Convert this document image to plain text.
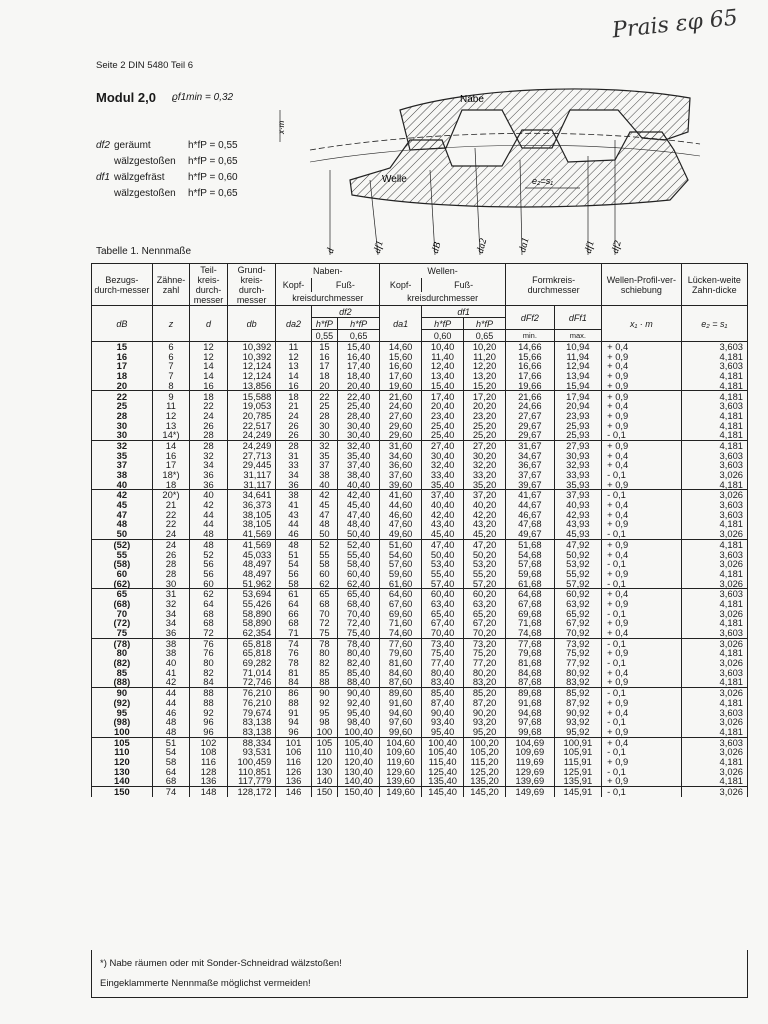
Prais εφ 65
Seite 2 DIN 5480 Teil 6
Modul 2,0 ϱf1min = 0,32
df2 geräumt	h*fP = 0,55
wälzgestoßen h*fP = 0,65
df1 wälzgefräst h*fP = 0,60
wälzgestoßen h*fP = 0,65
Nabe
Welle	e₂=s₁
x·m
d	df1	dB	da2	da1	df1 df2
Tabelle 1. Nennmaße
Bezugs-durch-messer	Zähne-zahl	Teil-kreis-durch-messer	Grund-kreis-durch-messer	Naben-			Wellen-			Formkreis-durchmesser		Wellen-Profil-ver-schiebung	Lücken-weite Zahn-dicke
				Kopf-	Fuß-		Kopf-	Fuß-					
				kreisdurchmesser			kreisdurchmesser						
dB	z	d	db	da2	df2		da1	df1		dFf2	dFf1	x₁ · m	e₂ = s₁
					h*fP	h*fP		h*fP	h*fP				
					0,55	0,65		0,60	0,65	min.	max.		
15	6	12	10,392	11	15	15,40	14,60	10,40	10,20	14,66	10,94	+ 0,4	3,603
16	6	12	10,392	12	16	16,40	15,60	11,40	11,20	15,66	11,94	+ 0,9	4,181
17	7	14	12,124	13	17	17,40	16,60	12,40	12,20	16,66	12,94	+ 0,4	3,603
18	7	14	12,124	14	18	18,40	17,60	13,40	13,20	17,66	13,94	+ 0,9	4,181
20	8	16	13,856	16	20	20,40	19,60	15,40	15,20	19,66	15,94	+ 0,9	4,181
22	9	18	15,588	18	22	22,40	21,60	17,40	17,20	21,66	17,94	+ 0,9	4,181
25	11	22	19,053	21	25	25,40	24,60	20,40	20,20	24,66	20,94	+ 0,4	3,603
28	12	24	20,785	24	28	28,40	27,60	23,40	23,20	27,67	23,93	+ 0,9	4,181
30	13	26	22,517	26	30	30,40	29,60	25,40	25,20	29,67	25,93	+ 0,9	4,181
30	14*)	28	24,249	26	30	30,40	29,60	25,40	25,20	29,67	25,93	- 0,1	4,181
32	14	28	24,249	28	32	32,40	31,60	27,40	27,20	31,67	27,93	+ 0,9	4,181
35	16	32	27,713	31	35	35,40	34,60	30,40	30,20	34,67	30,93	+ 0,4	3,603
37	17	34	29,445	33	37	37,40	36,60	32,40	32,20	36,67	32,93	+ 0,4	3,603
38	18*)	36	31,117	34	38	38,40	37,60	33,40	33,20	37,67	33,93	- 0,1	3,026
40	18	36	31,117	36	40	40,40	39,60	35,40	35,20	39,67	35,93	+ 0,9	4,181
42	20*)	40	34,641	38	42	42,40	41,60	37,40	37,20	41,67	37,93	- 0,1	3,026
45	21	42	36,373	41	45	45,40	44,60	40,40	40,20	44,67	40,93	+ 0,4	3,603
47	22	44	38,105	43	47	47,40	46,60	42,40	42,20	46,67	42,93	+ 0,4	3,603
48	22	44	38,105	44	48	48,40	47,60	43,40	43,20	47,68	43,93	+ 0,9	4,181
50	24	48	41,569	46	50	50,40	49,60	45,40	45,20	49,67	45,93	- 0,1	3,026
(52)	24	48	41,569	48	52	52,40	51,60	47,40	47,20	51,68	47,92	+ 0,9	4,181
55	26	52	45,033	51	55	55,40	54,60	50,40	50,20	54,68	50,92	+ 0,4	3,603
(58)	28	56	48,497	54	58	58,40	57,60	53,40	53,20	57,68	53,92	- 0,1	3,026
60	28	56	48,497	56	60	60,40	59,60	55,40	55,20	59,68	55,92	+ 0,9	4,181
(62)	30	60	51,962	58	62	62,40	61,60	57,40	57,20	61,68	57,92	- 0,1	3,026
65	31	62	53,694	61	65	65,40	64,60	60,40	60,20	64,68	60,92	+ 0,4	3,603
(68)	32	64	55,426	64	68	68,40	67,60	63,40	63,20	67,68	63,92	+ 0,9	4,181
70	34	68	58,890	66	70	70,40	69,60	65,40	65,20	69,68	65,92	- 0,1	3,026
(72)	34	68	58,890	68	72	72,40	71,60	67,40	67,20	71,68	67,92	+ 0,9	4,181
75	36	72	62,354	71	75	75,40	74,60	70,40	70,20	74,68	70,92	+ 0,4	3,603
(78)	38	76	65,818	74	78	78,40	77,60	73,40	73,20	77,68	73,92	- 0,1	3,026
80	38	76	65,818	76	80	80,40	79,60	75,40	75,20	79,68	75,92	+ 0,9	4,181
(82)	40	80	69,282	78	82	82,40	81,60	77,40	77,20	81,68	77,92	- 0,1	3,026
85	41	82	71,014	81	85	85,40	84,60	80,40	80,20	84,68	80,92	+ 0,4	3,603
(88)	42	84	72,746	84	88	88,40	87,60	83,40	83,20	87,68	83,92	+ 0,9	4,181
90	44	88	76,210	86	90	90,40	89,60	85,40	85,20	89,68	85,92	- 0,1	3,026
(92)	44	88	76,210	88	92	92,40	91,60	87,40	87,20	91,68	87,92	+ 0,9	4,181
95	46	92	79,674	91	95	95,40	94,60	90,40	90,20	94,68	90,92	+ 0,4	3,603
(98)	48	96	83,138	94	98	98,40	97,60	93,40	93,20	97,68	93,92	- 0,1	3,026
100	48	96	83,138	96	100	100,40	99,60	95,40	95,20	99,68	95,92	+ 0,9	4,181
105	51	102	88,334	101	105	105,40	104,60	100,40	100,20	104,69	100,91	+ 0,4	3,603
110	54	108	93,531	106	110	110,40	109,60	105,40	105,20	109,69	105,91	- 0,1	3,026
120	58	116	100,459	116	120	120,40	119,60	115,40	115,20	119,69	115,91	+ 0,9	4,181
130	64	128	110,851	126	130	130,40	129,60	125,40	125,20	129,69	125,91	- 0,1	3,026
140	68	136	117,779	136	140	140,40	139,60	135,40	135,20	139,69	135,91	+ 0,9	4,181
150	74	148	128,172	146	150	150,40	149,60	145,40	145,20	149,69	145,91	- 0,1	3,026
*) Nabe räumen oder mit Sonder-Schneidrad wälzstoßen!
Eingeklammerte Nennmaße möglichst vermeiden!
